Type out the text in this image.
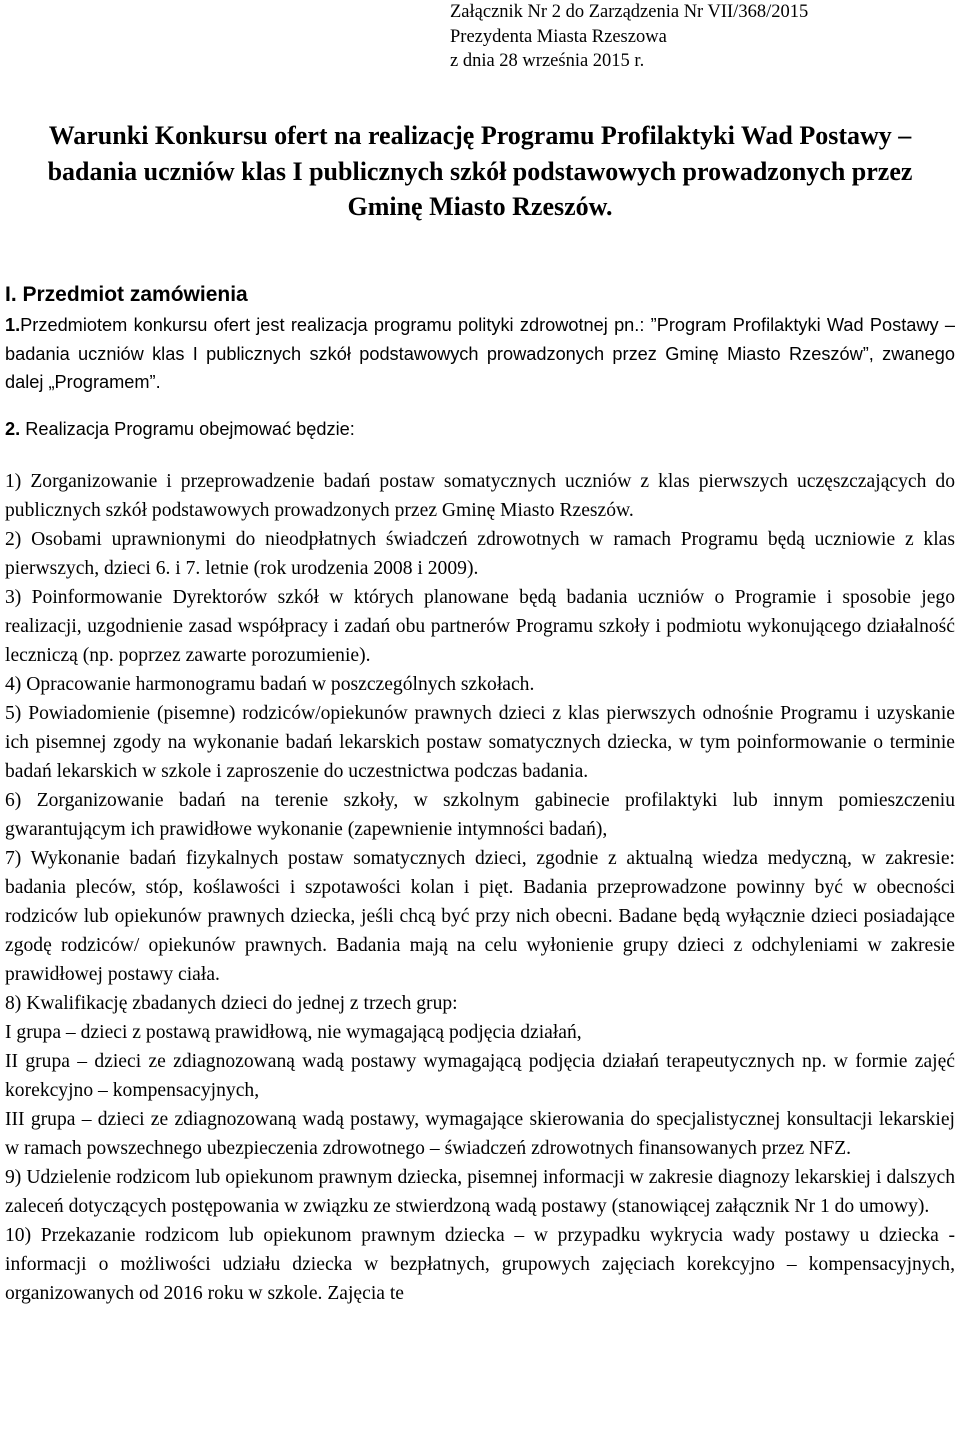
Załącznik Nr 2 do Zarządzenia Nr VII/368/2015
Prezydenta Miasta Rzeszowa
z dnia 28 września 2015 r.
Warunki Konkursu ofert na realizację Programu Profilaktyki Wad Postawy – badania uczniów klas I publicznych szkół podstawowych prowadzonych przez Gminę Miasto Rzeszów.
I. Przedmiot zamówienia
1.Przedmiotem konkursu ofert jest realizacja programu polityki zdrowotnej pn.: ”Program Profilaktyki Wad Postawy – badania uczniów klas I publicznych szkół podstawowych prowadzonych przez Gminę Miasto Rzeszów”, zwanego dalej „Programem”.
2. Realizacja Programu obejmować będzie:

1) Zorganizowanie i przeprowadzenie badań postaw somatycznych uczniów z klas pierwszych uczęszczających do publicznych szkół podstawowych prowadzonych przez Gminę Miasto Rzeszów.

2) Osobami uprawnionymi do nieodpłatnych świadczeń zdrowotnych w ramach Programu będą uczniowie z klas pierwszych, dzieci 6. i 7. letnie (rok urodzenia 2008 i 2009).

3) Poinformowanie Dyrektorów szkół w których planowane będą badania uczniów o Programie i sposobie jego realizacji, uzgodnienie zasad współpracy i zadań obu partnerów Programu szkoły i podmiotu wykonującego działalność leczniczą (np. poprzez zawarte porozumienie).

4) Opracowanie harmonogramu badań w poszczególnych szkołach.

5) Powiadomienie (pisemne) rodziców/opiekunów prawnych dzieci z klas pierwszych odnośnie Programu i uzyskanie ich pisemnej zgody na wykonanie badań lekarskich postaw somatycznych dziecka, w tym poinformowanie o terminie badań lekarskich w szkole i zaproszenie do uczestnictwa podczas badania.

6) Zorganizowanie badań na terenie szkoły, w szkolnym gabinecie profilaktyki lub innym pomieszczeniu gwarantującym ich prawidłowe wykonanie (zapewnienie intymności badań),

7) Wykonanie badań fizykalnych postaw somatycznych dzieci, zgodnie z aktualną wiedza medyczną, w zakresie: badania pleców, stóp, koślawości i szpotawości kolan i pięt. Badania przeprowadzone powinny być w obecności rodziców lub opiekunów prawnych dziecka, jeśli chcą być przy nich obecni. Badane będą wyłącznie dzieci posiadające zgodę rodziców/ opiekunów prawnych. Badania mają na celu wyłonienie grupy dzieci z odchyleniami w zakresie prawidłowej postawy ciała.

8) Kwalifikację zbadanych dzieci do jednej z trzech grup:

I grupa – dzieci z postawą prawidłową, nie wymagającą podjęcia działań,

II grupa – dzieci ze zdiagnozowaną wadą postawy wymagającą podjęcia działań terapeutycznych np. w formie zajęć korekcyjno – kompensacyjnych,

III grupa – dzieci ze zdiagnozowaną wadą postawy, wymagające skierowania do specjalistycznej konsultacji lekarskiej w ramach powszechnego ubezpieczenia zdrowotnego – świadczeń zdrowotnych finansowanych przez NFZ.

9) Udzielenie rodzicom lub opiekunom prawnym dziecka, pisemnej informacji w zakresie diagnozy lekarskiej i dalszych zaleceń dotyczących postępowania w związku ze stwierdzoną wadą postawy (stanowiącej załącznik Nr 1 do umowy).

10) Przekazanie rodzicom lub opiekunom prawnym dziecka – w przypadku wykrycia wady postawy u dziecka - informacji o możliwości udziału dziecka w bezpłatnych, grupowych zajęciach korekcyjno – kompensacyjnych, organizowanych od 2016 roku w szkole. Zajęcia te
